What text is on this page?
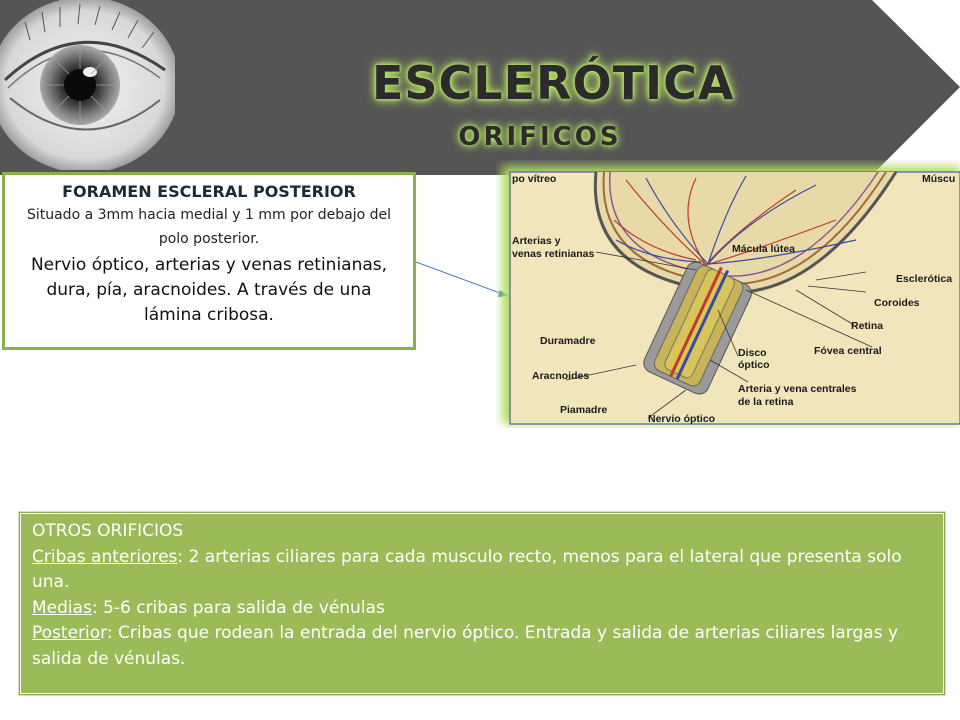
ESCLERÓTICA
ORIFICOS
FORAMEN ESCLERAL POSTERIOR
Situado a 3mm hacia medial y 1 mm por debajo del polo posterior.
Nervio óptico, arterias y venas retinianas, dura, pía, aracnoides. A través de una lámina cribosa.
po vítreo	Múscu
Arterias y
venas retinianas	Mácula lútea
Esclerótica
Coroides
Retina
Fóvea central
Duramadre
Disco
óptico
Aracnoides
Arteria y vena centrales
de la retina
Piamadre
Nervio óptico
OTROS ORIFICIOS
Cribas anteriores: 2 arterias ciliares para cada musculo recto, menos para el lateral que presenta solo una.
Medias: 5-6 cribas para salida de vénulas
Posterior: Cribas que rodean la entrada del nervio óptico. Entrada y salida de arterias ciliares largas y salida de vénulas.
